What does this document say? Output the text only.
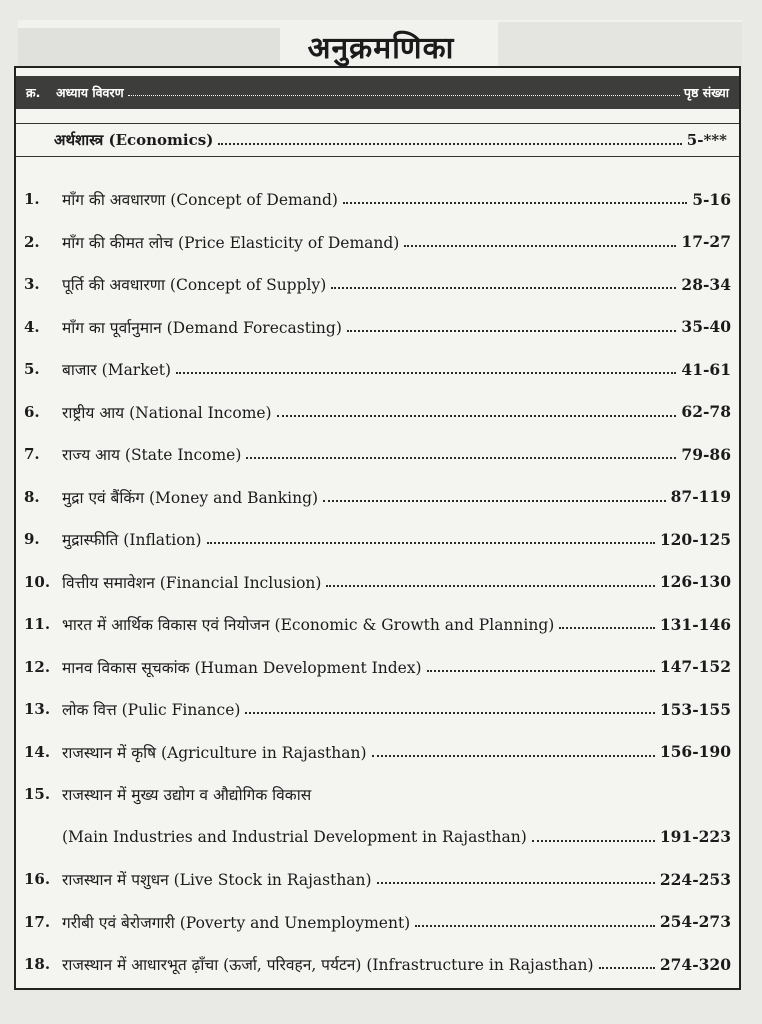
अनुक्रमणिका
क्र.	अध्याय विवरण	पृष्ठ संख्या
अर्थशास्त्र (Economics)	5-***
1.	माँग की अवधारणा (Concept of Demand)	5-16
2.	माँग की कीमत लोच (Price Elasticity of Demand)	17-27
3.	पूर्ति की अवधारणा (Concept of Supply)	28-34
4.	माँग का पूर्वानुमान (Demand Forecasting)	35-40
5.	बाजार (Market)	41-61
6.	राष्ट्रीय आय (National Income)	62-78
7.	राज्य आय (State Income)	79-86
8.	मुद्रा एवं बैंकिंग (Money and Banking)	87-119
9.	मुद्रास्फीति (Inflation)	120-125
10. वित्तीय समावेशन (Financial Inclusion)	126-130
11. भारत में आर्थिक विकास एवं नियोजन (Economic & Growth and Planning)	131-146
12. मानव विकास सूचकांक (Human Development Index)	147-152
13. लोक वित्त (Pulic Finance)	153-155
14. राजस्थान में कृषि (Agriculture in Rajasthan)	156-190
15. राजस्थान में मुख्य उद्योग व औद्योगिक विकास
(Main Industries and Industrial Development in Rajasthan)	191-223
16. राजस्थान में पशुधन (Live Stock in Rajasthan)	224-253
17. गरीबी एवं बेरोजगारी (Poverty and Unemployment)	254-273
18. राजस्थान में आधारभूत ढ़ाँचा (ऊर्जा, परिवहन, पर्यटन) (Infrastructure in Rajasthan)	274-320
